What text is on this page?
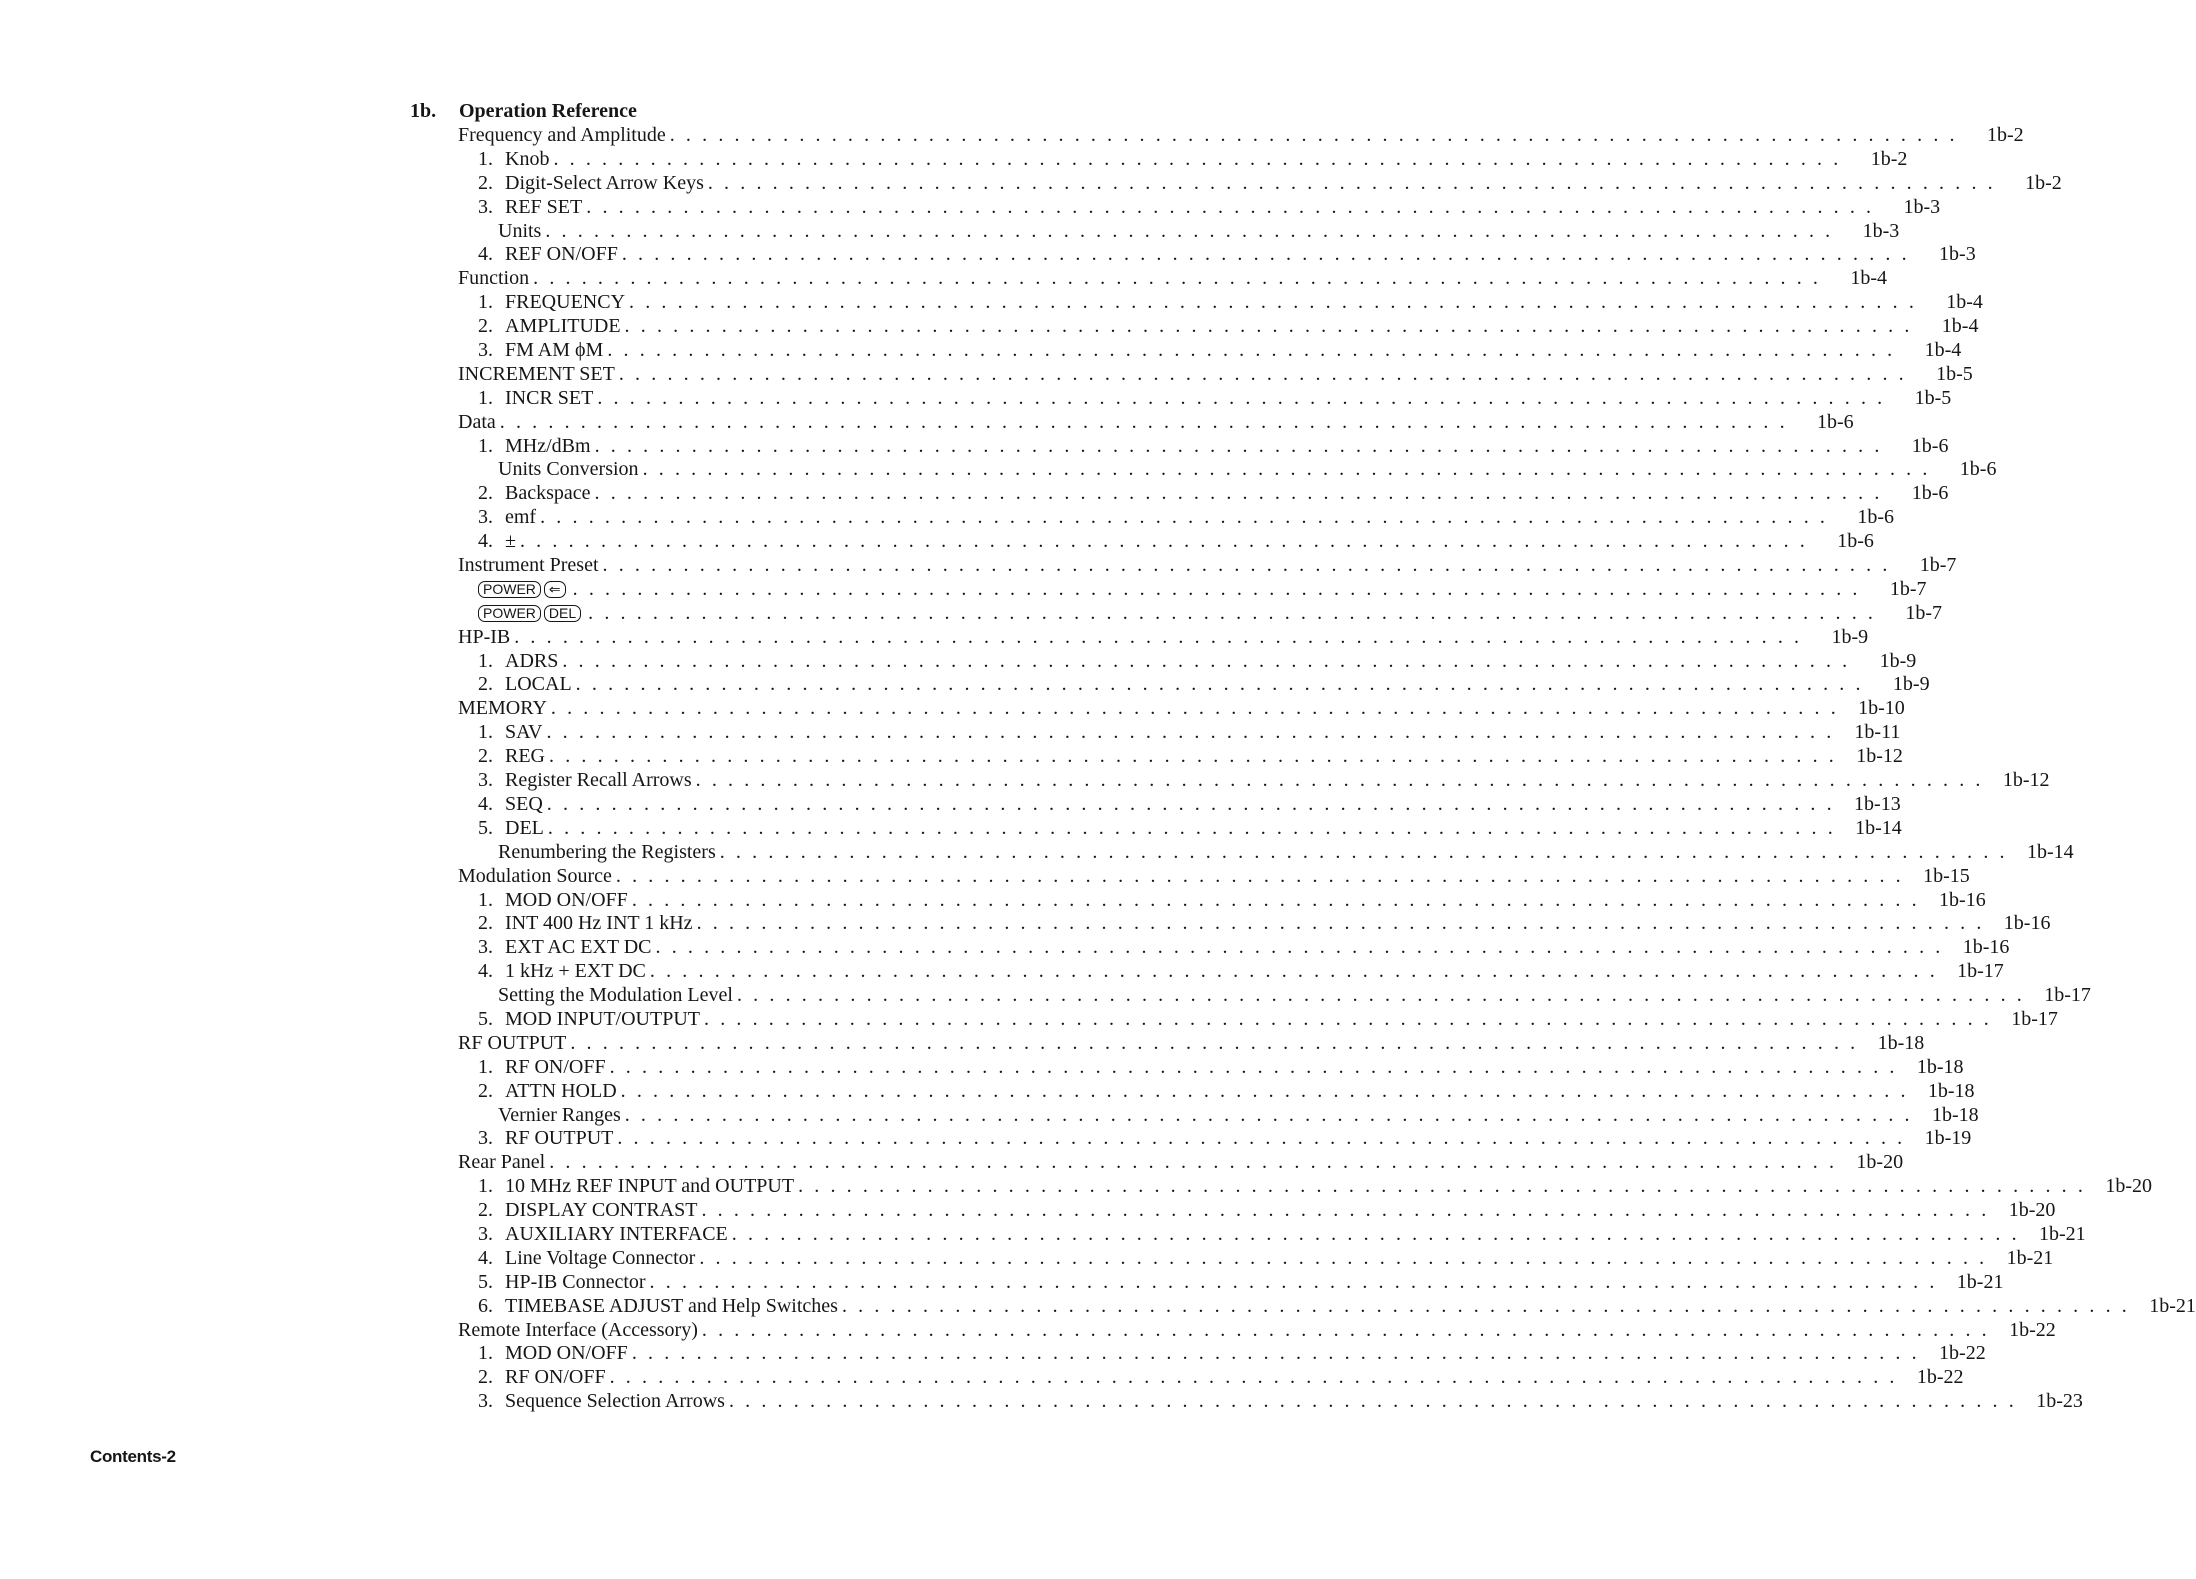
1b. Operation Reference
Frequency and Amplitude . . . . . . . . . . . . . . . . . . . . . . . . . . . . . . . . . . . . . . . . . . . . . . . . . . . . . . . . . . . . . . . . . . . . . . . . . . . . . . . .	1b-2
1. Knob . . . . . . . . . . . . . . . . . . . . . . . . . . . . . . . . . . . . . . . . . . . . . . . . . . . . . . . . . . . . . . . . . . . . . . . . . . . . . . . .	1b-2
2. Digit-Select Arrow Keys . . . . . . . . . . . . . . . . . . . . . . . . . . . . . . . . . . . . . . . . . . . . . . . . . . . . . . . . . . . . . . . . . . . . . . . . . . . . . . . .	1b-2
3. REF SET . . . . . . . . . . . . . . . . . . . . . . . . . . . . . . . . . . . . . . . . . . . . . . . . . . . . . . . . . . . . . . . . . . . . . . . . . . . . . . . .	1b-3
Units . . . . . . . . . . . . . . . . . . . . . . . . . . . . . . . . . . . . . . . . . . . . . . . . . . . . . . . . . . . . . . . . . . . . . . . . . . . . . . . .	1b-3
4. REF ON/OFF . . . . . . . . . . . . . . . . . . . . . . . . . . . . . . . . . . . . . . . . . . . . . . . . . . . . . . . . . . . . . . . . . . . . . . . . . . . . . . . .	1b-3
Function . . . . . . . . . . . . . . . . . . . . . . . . . . . . . . . . . . . . . . . . . . . . . . . . . . . . . . . . . . . . . . . . . . . . . . . . . . . . . . . .	1b-4
1. FREQUENCY . . . . . . . . . . . . . . . . . . . . . . . . . . . . . . . . . . . . . . . . . . . . . . . . . . . . . . . . . . . . . . . . . . . . . . . . . . . . . . . .	1b-4
2. AMPLITUDE . . . . . . . . . . . . . . . . . . . . . . . . . . . . . . . . . . . . . . . . . . . . . . . . . . . . . . . . . . . . . . . . . . . . . . . . . . . . . . . .	1b-4
3. FM AM ϕM . . . . . . . . . . . . . . . . . . . . . . . . . . . . . . . . . . . . . . . . . . . . . . . . . . . . . . . . . . . . . . . . . . . . . . . . . . . . . . . .	1b-4
INCREMENT SET . . . . . . . . . . . . . . . . . . . . . . . . . . . . . . . . . . . . . . . . . . . . . . . . . . . . . . . . . . . . . . . . . . . . . . . . . . . . . . . .	1b-5
1. INCR SET . . . . . . . . . . . . . . . . . . . . . . . . . . . . . . . . . . . . . . . . . . . . . . . . . . . . . . . . . . . . . . . . . . . . . . . . . . . . . . . .	1b-5
Data . . . . . . . . . . . . . . . . . . . . . . . . . . . . . . . . . . . . . . . . . . . . . . . . . . . . . . . . . . . . . . . . . . . . . . . . . . . . . . . .	1b-6
1. MHz/dBm . . . . . . . . . . . . . . . . . . . . . . . . . . . . . . . . . . . . . . . . . . . . . . . . . . . . . . . . . . . . . . . . . . . . . . . . . . . . . . . .	1b-6
Units Conversion . . . . . . . . . . . . . . . . . . . . . . . . . . . . . . . . . . . . . . . . . . . . . . . . . . . . . . . . . . . . . . . . . . . . . . . . . . . . . . . .	1b-6
2. Backspace . . . . . . . . . . . . . . . . . . . . . . . . . . . . . . . . . . . . . . . . . . . . . . . . . . . . . . . . . . . . . . . . . . . . . . . . . . . . . . . .	1b-6
3. emf . . . . . . . . . . . . . . . . . . . . . . . . . . . . . . . . . . . . . . . . . . . . . . . . . . . . . . . . . . . . . . . . . . . . . . . . . . . . . . . .	1b-6
4. ± . . . . . . . . . . . . . . . . . . . . . . . . . . . . . . . . . . . . . . . . . . . . . . . . . . . . . . . . . . . . . . . . . . . . . . . . . . . . . . . .	1b-6
Instrument Preset . . . . . . . . . . . . . . . . . . . . . . . . . . . . . . . . . . . . . . . . . . . . . . . . . . . . . . . . . . . . . . . . . . . . . . . . . . . . . . . .	1b-7
POWER ⇐ . . . . . . . . . . . . . . . . . . . . . . . . . . . . . . . . . . . . . . . . . . . . . . . . . . . . . . . . . . . . . . . . . . . . . . . . . . . . . . . .	1b-7
POWER DEL . . . . . . . . . . . . . . . . . . . . . . . . . . . . . . . . . . . . . . . . . . . . . . . . . . . . . . . . . . . . . . . . . . . . . . . . . . . . . . . .	1b-7
HP-IB . . . . . . . . . . . . . . . . . . . . . . . . . . . . . . . . . . . . . . . . . . . . . . . . . . . . . . . . . . . . . . . . . . . . . . . . . . . . . . . .	1b-9
1. ADRS . . . . . . . . . . . . . . . . . . . . . . . . . . . . . . . . . . . . . . . . . . . . . . . . . . . . . . . . . . . . . . . . . . . . . . . . . . . . . . . .	1b-9
2. LOCAL . . . . . . . . . . . . . . . . . . . . . . . . . . . . . . . . . . . . . . . . . . . . . . . . . . . . . . . . . . . . . . . . . . . . . . . . . . . . . . . .	1b-9
MEMORY . . . . . . . . . . . . . . . . . . . . . . . . . . . . . . . . . . . . . . . . . . . . . . . . . . . . . . . . . . . . . . . . . . . . . . . . . . . . . . . . 1b-10
1. SAV . . . . . . . . . . . . . . . . . . . . . . . . . . . . . . . . . . . . . . . . . . . . . . . . . . . . . . . . . . . . . . . . . . . . . . . . . . . . . . . .	1b-11
2. REG . . . . . . . . . . . . . . . . . . . . . . . . . . . . . . . . . . . . . . . . . . . . . . . . . . . . . . . . . . . . . . . . . . . . . . . . . . . . . . . . 1b-12
3. Register Recall Arrows . . . . . . . . . . . . . . . . . . . . . . . . . . . . . . . . . . . . . . . . . . . . . . . . . . . . . . . . . . . . . . . . . . . . . . . . . . . . . . . . 1b-12
4. SEQ . . . . . . . . . . . . . . . . . . . . . . . . . . . . . . . . . . . . . . . . . . . . . . . . . . . . . . . . . . . . . . . . . . . . . . . . . . . . . . . . 1b-13
5. DEL . . . . . . . . . . . . . . . . . . . . . . . . . . . . . . . . . . . . . . . . . . . . . . . . . . . . . . . . . . . . . . . . . . . . . . . . . . . . . . . . 1b-14
Renumbering the Registers . . . . . . . . . . . . . . . . . . . . . . . . . . . . . . . . . . . . . . . . . . . . . . . . . . . . . . . . . . . . . . . . . . . . . . . . . . . . . . . . 1b-14
Modulation Source . . . . . . . . . . . . . . . . . . . . . . . . . . . . . . . . . . . . . . . . . . . . . . . . . . . . . . . . . . . . . . . . . . . . . . . . . . . . . . . . 1b-15
1. MOD ON/OFF . . . . . . . . . . . . . . . . . . . . . . . . . . . . . . . . . . . . . . . . . . . . . . . . . . . . . . . . . . . . . . . . . . . . . . . . . . . . . . . . 1b-16
2. INT 400 Hz INT 1 kHz . . . . . . . . . . . . . . . . . . . . . . . . . . . . . . . . . . . . . . . . . . . . . . . . . . . . . . . . . . . . . . . . . . . . . . . . . . . . . . . . 1b-16
3. EXT AC EXT DC . . . . . . . . . . . . . . . . . . . . . . . . . . . . . . . . . . . . . . . . . . . . . . . . . . . . . . . . . . . . . . . . . . . . . . . . . . . . . . . . 1b-16
4. 1 kHz + EXT DC . . . . . . . . . . . . . . . . . . . . . . . . . . . . . . . . . . . . . . . . . . . . . . . . . . . . . . . . . . . . . . . . . . . . . . . . . . . . . . . . 1b-17
Setting the Modulation Level . . . . . . . . . . . . . . . . . . . . . . . . . . . . . . . . . . . . . . . . . . . . . . . . . . . . . . . . . . . . . . . . . . . . . . . . . . . . . . . . 1b-17
5. MOD INPUT/OUTPUT . . . . . . . . . . . . . . . . . . . . . . . . . . . . . . . . . . . . . . . . . . . . . . . . . . . . . . . . . . . . . . . . . . . . . . . . . . . . . . . . 1b-17
RF OUTPUT . . . . . . . . . . . . . . . . . . . . . . . . . . . . . . . . . . . . . . . . . . . . . . . . . . . . . . . . . . . . . . . . . . . . . . . . . . . . . . . . 1b-18
1. RF ON/OFF . . . . . . . . . . . . . . . . . . . . . . . . . . . . . . . . . . . . . . . . . . . . . . . . . . . . . . . . . . . . . . . . . . . . . . . . . . . . . . . . 1b-18
2. ATTN HOLD . . . . . . . . . . . . . . . . . . . . . . . . . . . . . . . . . . . . . . . . . . . . . . . . . . . . . . . . . . . . . . . . . . . . . . . . . . . . . . . . 1b-18
Vernier Ranges . . . . . . . . . . . . . . . . . . . . . . . . . . . . . . . . . . . . . . . . . . . . . . . . . . . . . . . . . . . . . . . . . . . . . . . . . . . . . . . . 1b-18
3. RF OUTPUT . . . . . . . . . . . . . . . . . . . . . . . . . . . . . . . . . . . . . . . . . . . . . . . . . . . . . . . . . . . . . . . . . . . . . . . . . . . . . . . . 1b-19
Rear Panel . . . . . . . . . . . . . . . . . . . . . . . . . . . . . . . . . . . . . . . . . . . . . . . . . . . . . . . . . . . . . . . . . . . . . . . . . . . . . . . . 1b-20
1. 10 MHz REF INPUT and OUTPUT . . . . . . . . . . . . . . . . . . . . . . . . . . . . . . . . . . . . . . . . . . . . . . . . . . . . . . . . . . . . . . . . . . . . . . . . . . . . . . . . 1b-20
2. DISPLAY CONTRAST . . . . . . . . . . . . . . . . . . . . . . . . . . . . . . . . . . . . . . . . . . . . . . . . . . . . . . . . . . . . . . . . . . . . . . . . . . . . . . . . 1b-20
3. AUXILIARY INTERFACE . . . . . . . . . . . . . . . . . . . . . . . . . . . . . . . . . . . . . . . . . . . . . . . . . . . . . . . . . . . . . . . . . . . . . . . . . . . . . . . . 1b-21
4. Line Voltage Connector . . . . . . . . . . . . . . . . . . . . . . . . . . . . . . . . . . . . . . . . . . . . . . . . . . . . . . . . . . . . . . . . . . . . . . . . . . . . . . . . 1b-21
5. HP-IB Connector . . . . . . . . . . . . . . . . . . . . . . . . . . . . . . . . . . . . . . . . . . . . . . . . . . . . . . . . . . . . . . . . . . . . . . . . . . . . . . . . 1b-21
6. TIMEBASE ADJUST and Help Switches . . . . . . . . . . . . . . . . . . . . . . . . . . . . . . . . . . . . . . . . . . . . . . . . . . . . . . . . . . . . . . . . . . . . . . . . . . . . . . . . 1b-21
Remote Interface (Accessory) . . . . . . . . . . . . . . . . . . . . . . . . . . . . . . . . . . . . . . . . . . . . . . . . . . . . . . . . . . . . . . . . . . . . . . . . . . . . . . . . 1b-22
1. MOD ON/OFF . . . . . . . . . . . . . . . . . . . . . . . . . . . . . . . . . . . . . . . . . . . . . . . . . . . . . . . . . . . . . . . . . . . . . . . . . . . . . . . . 1b-22
2. RF ON/OFF . . . . . . . . . . . . . . . . . . . . . . . . . . . . . . . . . . . . . . . . . . . . . . . . . . . . . . . . . . . . . . . . . . . . . . . . . . . . . . . . 1b-22
3. Sequence Selection Arrows . . . . . . . . . . . . . . . . . . . . . . . . . . . . . . . . . . . . . . . . . . . . . . . . . . . . . . . . . . . . . . . . . . . . . . . . . . . . . . . . 1b-23
Contents-2
